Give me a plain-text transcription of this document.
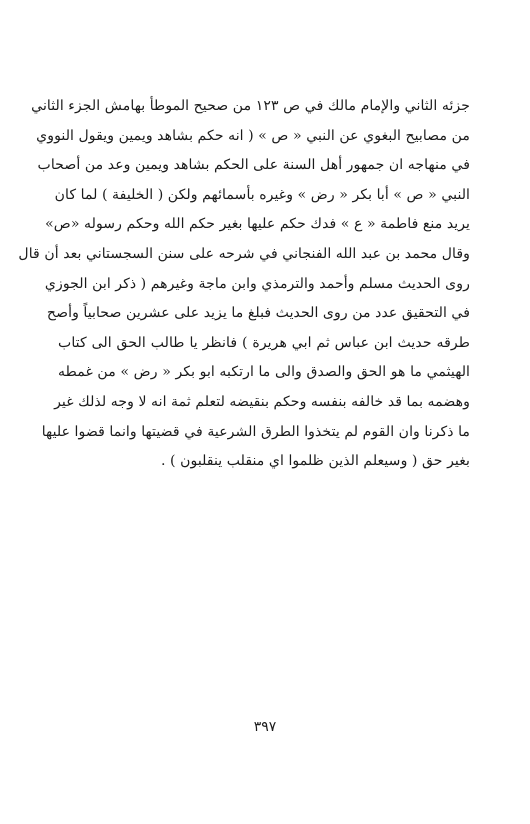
جزئه الثاني والإمام مالك في ص ١٢٣ من صحيح الموطأ بهامش الجزء الثاني
من مصابيح البغوي عن النبي « ص » ( انه حكم بشاهد ويمين ويقول النووي
في منهاجه ان جمهور أهل السنة على الحكم بشاهد ويمين وعد من أصحاب
النبي « ص » أبا بكر « رض » وغيره بأسمائهم ولكن ( الخليفة ) لما كان
يريد منع فاطمة « ع » فدك حكم عليها بغير حكم الله وحكم رسوله «ص»
وقال محمد بن عبد الله الفنجاني في شرحه على سنن السجستاني بعد أن قال
روى الحديث مسلم وأحمد والترمذي وابن ماجة وغيرهم ( ذكر ابن الجوزي
في التحقيق عدد من روى الحديث فبلغ ما يزيد على عشرين صحابياً وأصح
طرقه حديث ابن عباس ثم ابي هريرة ) فانظر يا طالب الحق الى كتاب
الهيثمي ما هو الحق والصدق والى ما ارتكبه ابو بكر « رض » من غمطه
وهضمه بما قد خالفه بنفسه وحكم بنقيضه لتعلم ثمة انه لا وجه لذلك غير
ما ذكرنا وان القوم لم يتخذوا الطرق الشرعية في قضيتها وانما قضوا عليها
بغير حق ( وسيعلم الذين ظلموا اي منقلب ينقلبون ) .
٣٩٧
